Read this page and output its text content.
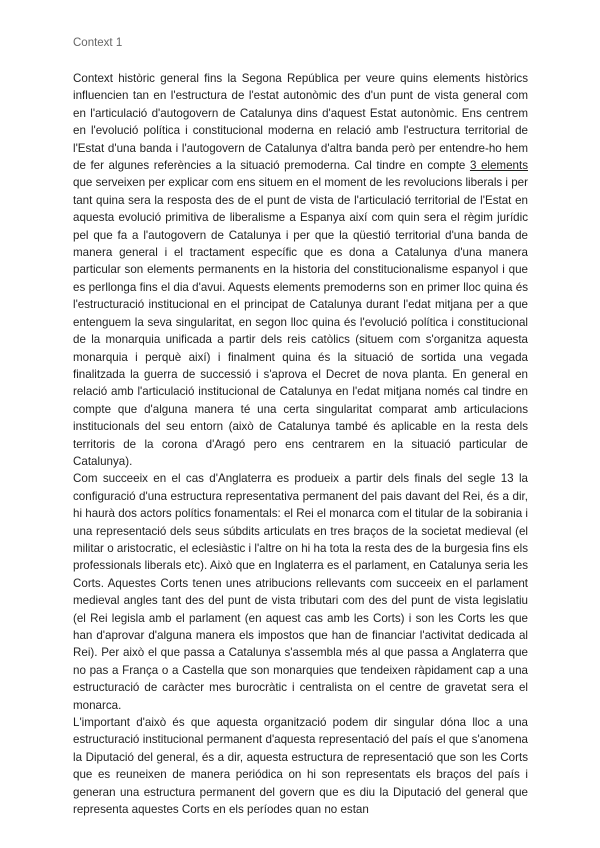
Context 1

Context històric general fins la Segona República per veure quins elements històrics influencien tan en l'estructura de l'estat autonòmic des d'un punt de vista general com en l'articulació d'autogovern de Catalunya dins d'aquest Estat autonòmic. Ens centrem en l'evolució política i constitucional moderna en relació amb l'estructura territorial de l'Estat d'una banda i l'autogovern de Catalunya d'altra banda però per entendre-ho hem de fer algunes referències a la situació premoderna. Cal tindre en compte 3 elements que serveixen per explicar com ens situem en el moment de les revolucions liberals i per tant quina sera la resposta des de el punt de vista de l'articulació territorial de l'Estat en aquesta evolució primitiva de liberalisme a Espanya així com quin sera el règim jurídic pel que fa a l'autogovern de Catalunya i per que la qüestió territorial d'una banda de manera general i el tractament específic que es dona a Catalunya d'una manera particular son elements permanents en la historia del constitucionalisme espanyol i que es perllonga fins el dia d'avui. Aquests elements premoderns son en primer lloc quina és l'estructuració institucional en el principat de Catalunya durant l'edat mitjana per a que entenguem la seva singularitat, en segon lloc quina és l'evolució política i constitucional de la monarquia unificada a partir dels reis catòlics (situem com s'organitza aquesta monarquia i perquè així) i finalment quina és la situació de sortida una vegada finalitzada la guerra de successió i s'aprova el Decret de nova planta. En general en relació amb l'articulació institucional de Catalunya en l'edat mitjana només cal tindre en compte que d'alguna manera té una certa singularitat comparat amb articulacions institucionals del seu entorn (això de Catalunya també és aplicable en la resta dels territoris de la corona d'Aragó pero ens centrarem en la situació particular de Catalunya).

Com succeeix en el cas d'Anglaterra es produeix a partir dels finals del segle 13 la configuració d'una estructura representativa permanent del pais davant del Rei, és a dir, hi haurà dos actors polítics fonamentals: el Rei el monarca com el titular de la sobirania i una representació dels seus súbdits articulats en tres braços de la societat medieval (el militar o aristocratic, el eclesiàstic i l'altre on hi ha tota la resta des de la burgesia fins els professionals liberals etc). Això que en Inglaterra es el parlament, en Catalunya seria les Corts. Aquestes Corts tenen unes atribucions rellevants com succeeix en el parlament medieval angles tant des del punt de vista tributari com des del punt de vista legislatiu (el Rei legisla amb el parlament (en aquest cas amb les Corts) i son les Corts les que han d'aprovar d'alguna manera els impostos que han de financiar l'activitat dedicada al Rei). Per això el que passa a Catalunya s'assembla més al que passa a Anglaterra que no pas a França o a Castella que son monarquies que tendeixen ràpidament cap a una estructuració de caràcter mes burocràtic i centralista on el centre de gravetat sera el monarca.

L'important d'això és que aquesta organització podem dir singular dóna lloc a una estructuració institucional permanent d'aquesta representació del país el que s'anomena la Diputació del general, és a dir, aquesta estructura de representació que son les Corts que es reuneixen de manera periódica on hi son representats els braços del país i generan una estructura permanent del govern que es diu la Diputació del general que representa aquestes Corts en els períodes quan no estan
